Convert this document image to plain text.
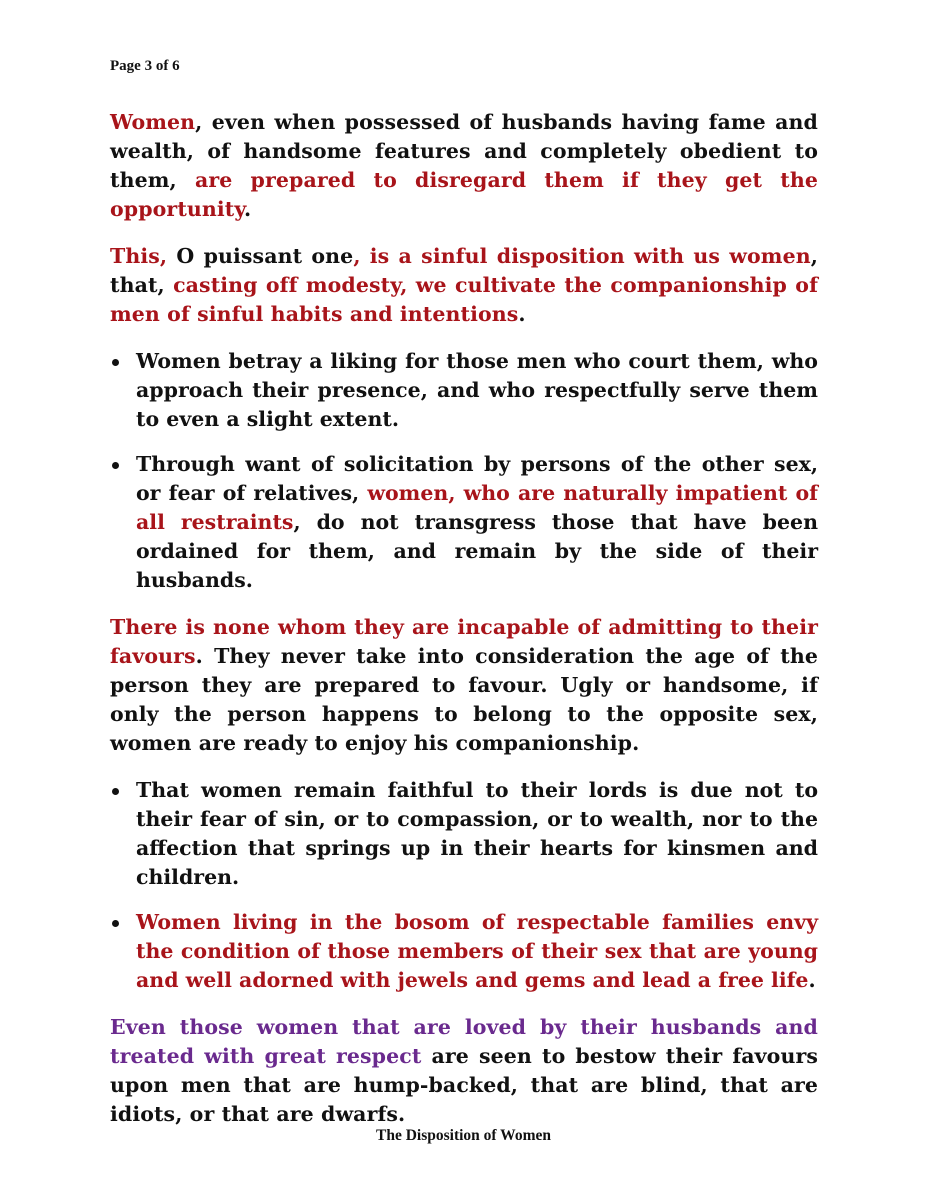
Page 3 of 6

Women, even when possessed of husbands having fame and wealth, of handsome features and completely obedient to them, are prepared to disregard them if they get the opportunity.

This, O puissant one, is a sinful disposition with us women, that, casting off modesty, we cultivate the companionship of men of sinful habits and intentions.

Women betray a liking for those men who court them, who approach their presence, and who respectfully serve them to even a slight extent.
Through want of solicitation by persons of the other sex, or fear of relatives, women, who are naturally impatient of all restraints, do not transgress those that have been ordained for them, and remain by the side of their husbands.

There is none whom they are incapable of admitting to their favours. They never take into consideration the age of the person they are prepared to favour. Ugly or handsome, if only the person happens to belong to the opposite sex, women are ready to enjoy his companionship.

That women remain faithful to their lords is due not to their fear of sin, or to compassion, or to wealth, nor to the affection that springs up in their hearts for kinsmen and children.
Women living in the bosom of respectable families envy the condition of those members of their sex that are young and well adorned with jewels and gems and lead a free life.

Even those women that are loved by their husbands and treated with great respect are seen to bestow their favours upon men that are hump-backed, that are blind, that are idiots, or that are dwarfs.

The Disposition of Women
